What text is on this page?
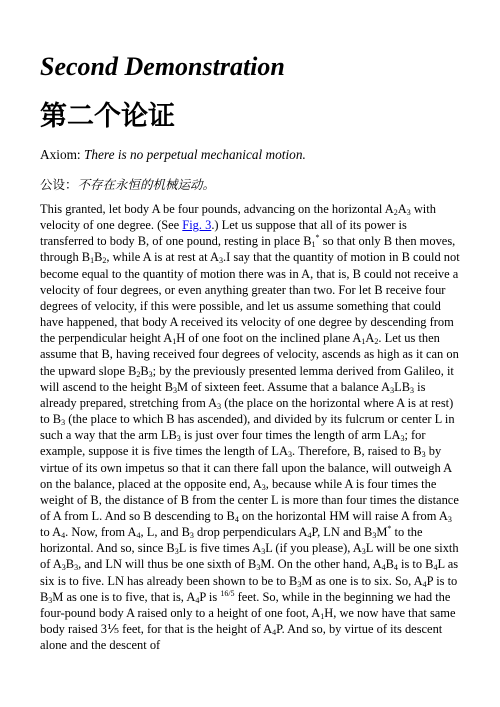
Second Demonstration
第二个论证
Axiom: There is no perpetual mechanical motion.
公设：不存在永恒的机械运动。

This granted, let body A be four pounds, advancing on the horizontal $A_2A_3$ with velocity of one degree. (See Fig. 3.) Let us suppose that all of its power is transferred to body B, of one pound, resting in place $B_1^*$ so that only B then moves, through $B_1B_2$, while A is at rest at $A_3.I$ say that the quantity of motion in B could not become equal to the quantity of motion there was in A, that is, B could not receive a velocity of four degrees, or even anything greater than two. For let B receive four degrees of velocity, if this were possible, and let us assume something that could have happened, that body A received its velocity of one degree by descending from the perpendicular height $A_1H$ of one foot on the inclined plane $A_1A_2$. Let us then assume that B, having received four degrees of velocity, ascends as high as it can on the upward slope $B_2B_3$; by the previously presented lemma derived from Galileo, it will ascend to the height $B_3M$ of sixteen feet. Assume that a balance $A_3LB_3$ is already prepared, stretching from $A_3$ (the place on the horizontal where A is at rest) to $B_3$ (the place to which B has ascended), and divided by its fulcrum or center L in such a way that the arm $LB_3$ is just over four times the length of arm $LA_3$; for example, suppose it is five times the length of $LA_3$. Therefore, B, raised to $B_3$ by virtue of its own impetus so that it can there fall upon the balance, will outweigh A on the balance, placed at the opposite end, $A_3$, because while A is four times the weight of B, the distance of B from the center L is more than four times the distance of A from L. And so B descending to $B_4$ on the horizontal HM will raise A from $A_3$ to $A_4$. Now, from $A_4$, L, and $B_3$ drop perpendiculars $A_4P$, LN and $B_3M^*$ to the horizontal. And so, since $B_3L$ is five times $A_3L$ (if you please), $A_3L$ will be one sixth of $A_3B_3$, and LN will thus be one sixth of $B_3M$. On the other hand, $A_4B_4$ is to $B_4L$ as six is to five. LN has already been shown to be to $B_3M$ as one is to six. So, $A_4P$ is to $B_3M$ as one is to five, that is, $A_4P$ is $^{16/5}$ feet. So, while in the beginning we had the four-pound body A raised only to a height of one foot, $A_1H$, we now have that same body raised 3⅕ feet, for that is the height of $A_4P$. And so, by virtue of its descent alone and the descent of
